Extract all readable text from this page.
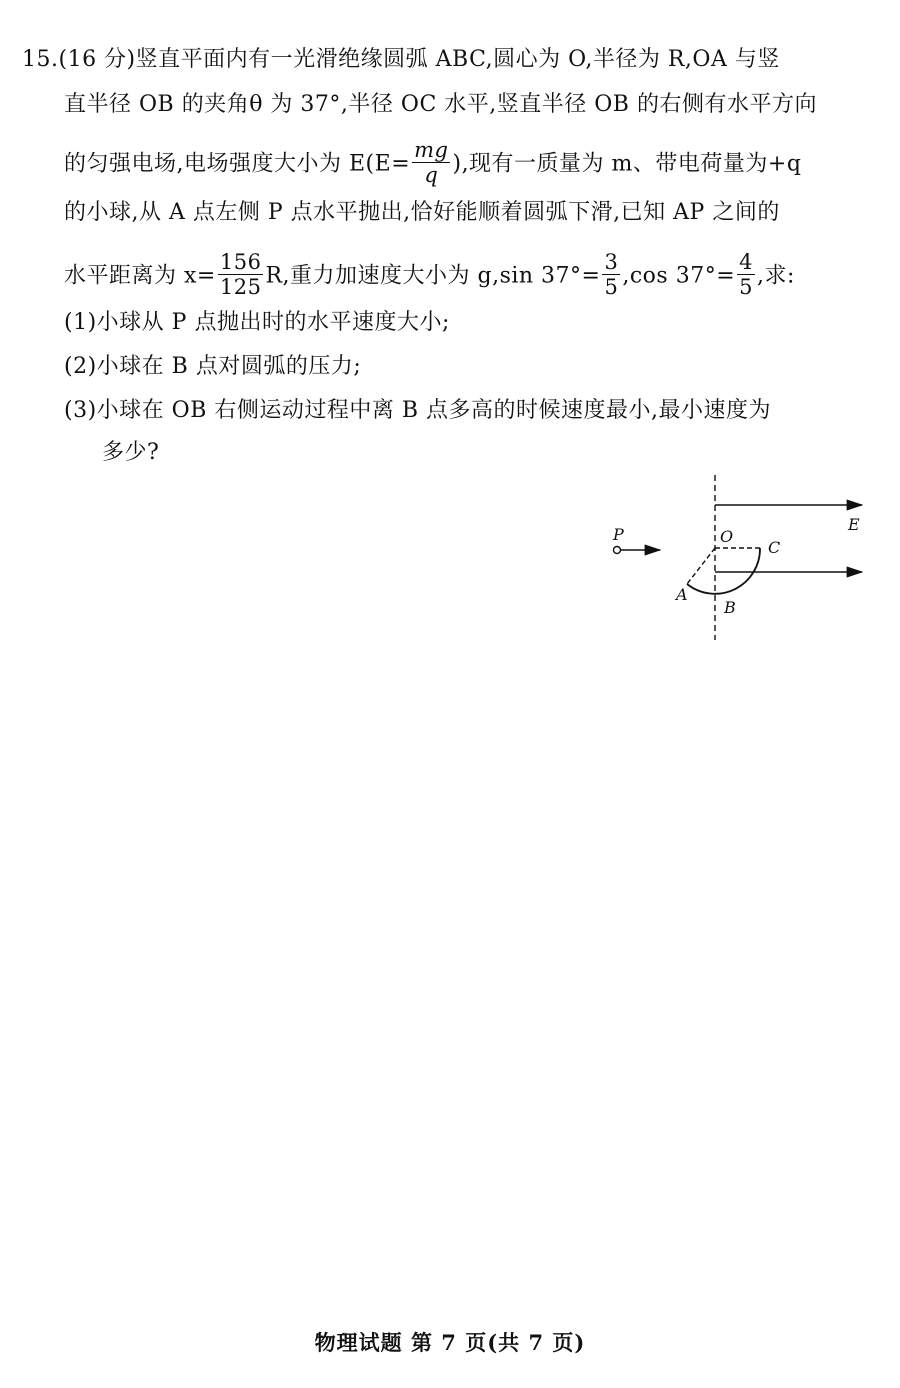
15.(16 分)竖直平面内有一光滑绝缘圆弧 ABC,圆心为 O,半径为 R,OA 与竖
直半径 OB 的夹角θ 为 37°,半径 OC 水平,竖直半径 OB 的右侧有水平方向
的匀强电场,电场强度大小为 $E(E= \frac{mg}{q}$ ),现有一质量为 m、带电荷量为+q
的小球,从 A 点左侧 P 点水平抛出,恰好能顺着圆弧下滑,已知 AP 之间的
水平距离为 $x= \frac{156}{125} R$,重力加速度大小为 g,sin $37^\circ= \frac{3}{5} ,\cos$ $37^\circ= \frac{4}{5}$ ,求:
(1)小球从 P 点抛出时的水平速度大小;
(2)小球在 B 点对圆弧的压力;
(3)小球在 OB 右侧运动过程中离 B 点多高的时候速度最小,最小速度为
多少?
P	O
C
A
B
E
物理试题 第 7 页(共 7 页)
